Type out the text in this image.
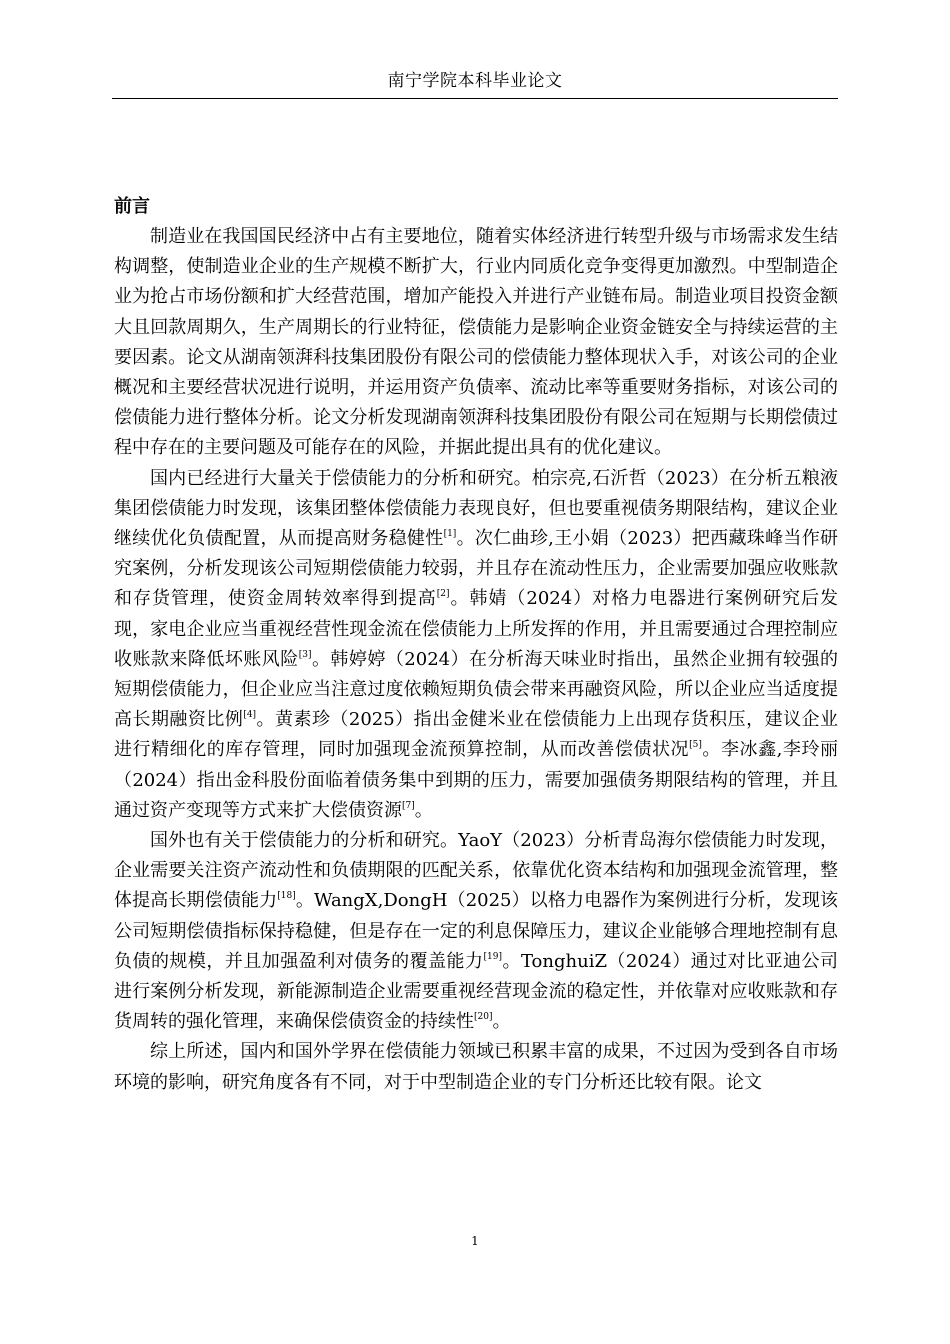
南宁学院本科毕业论文
前言

制造业在我国国民经济中占有主要地位，随着实体经济进行转型升级与市场需求发生结构调整，使制造业企业的生产规模不断扩大，行业内同质化竞争变得更加激烈。中型制造企业为抢占市场份额和扩大经营范围，增加产能投入并进行产业链布局。制造业项目投资金额大且回款周期久，生产周期长的行业特征，偿债能力是影响企业资金链安全与持续运营的主要因素。论文从湖南领湃科技集团股份有限公司的偿债能力整体现状入手，对该公司的企业概况和主要经营状况进行说明，并运用资产负债率、流动比率等重要财务指标，对该公司的偿债能力进行整体分析。论文分析发现湖南领湃科技集团股份有限公司在短期与长期偿债过程中存在的主要问题及可能存在的风险，并据此提出具有的优化建议。

国内已经进行大量关于偿债能力的分析和研究。柏宗亮,石沂哲（2023）在分析五粮液集团偿债能力时发现，该集团整体偿债能力表现良好，但也要重视债务期限结构，建议企业继续优化负债配置，从而提高财务稳健性[1]。次仁曲珍,王小娟（2023）把西藏珠峰当作研究案例，分析发现该公司短期偿债能力较弱，并且存在流动性压力，企业需要加强应收账款和存货管理，使资金周转效率得到提高[2]。韩婧（2024）对格力电器进行案例研究后发现，家电企业应当重视经营性现金流在偿债能力上所发挥的作用，并且需要通过合理控制应收账款来降低坏账风险[3]。韩婷婷（2024）在分析海天味业时指出，虽然企业拥有较强的短期偿债能力，但企业应当注意过度依赖短期负债会带来再融资风险，所以企业应当适度提高长期融资比例[4]。黄素珍（2025）指出金健米业在偿债能力上出现存货积压，建议企业进行精细化的库存管理，同时加强现金流预算控制，从而改善偿债状况[5]。李冰鑫,李玲丽（2024）指出金科股份面临着债务集中到期的压力，需要加强债务期限结构的管理，并且通过资产变现等方式来扩大偿债资源[7]。

国外也有关于偿债能力的分析和研究。YaoY（2023）分析青岛海尔偿债能力时发现，企业需要关注资产流动性和负债期限的匹配关系，依靠优化资本结构和加强现金流管理，整体提高长期偿债能力[18]。WangX,DongH（2025）以格力电器作为案例进行分析，发现该公司短期偿债指标保持稳健，但是存在一定的利息保障压力，建议企业能够合理地控制有息负债的规模，并且加强盈利对债务的覆盖能力[19]。TonghuiZ（2024）通过对比亚迪公司进行案例分析发现，新能源制造企业需要重视经营现金流的稳定性，并依靠对应收账款和存货周转的强化管理，来确保偿债资金的持续性[20]。

综上所述，国内和国外学界在偿债能力领域已积累丰富的成果，不过因为受到各自市场环境的影响，研究角度各有不同，对于中型制造企业的专门分析还比较有限。论文

1
